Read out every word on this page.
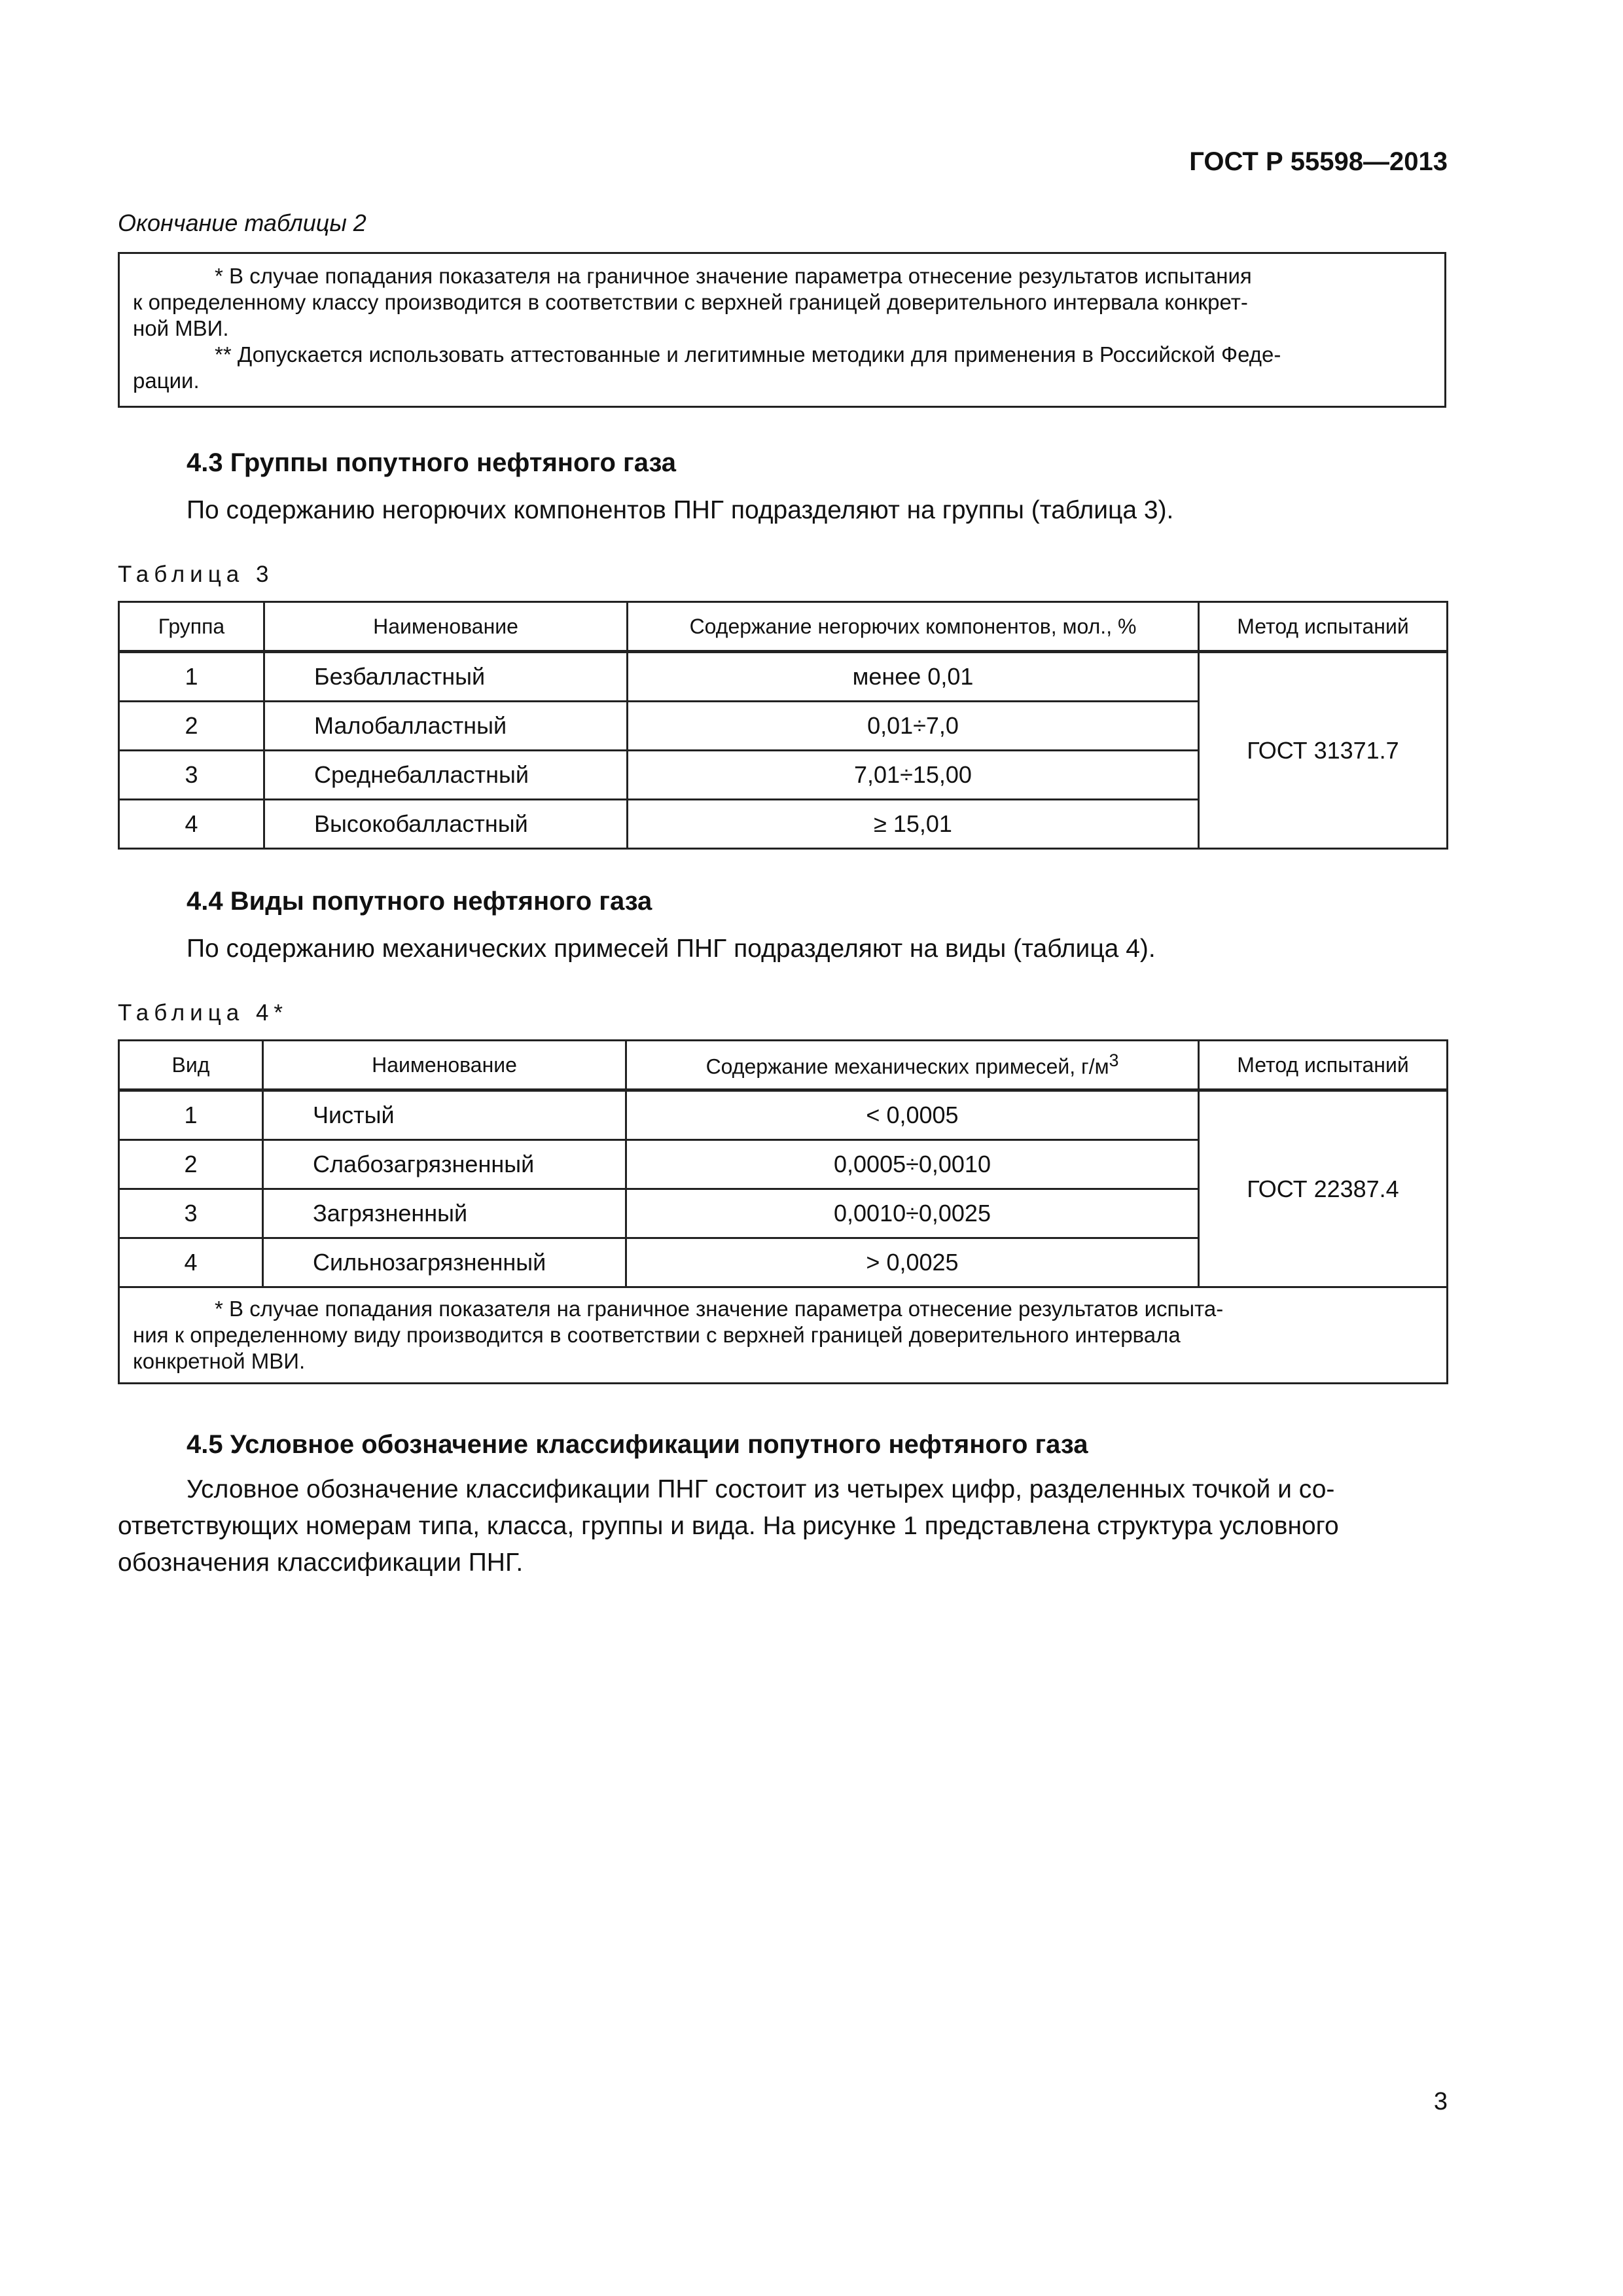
ГОСТ Р 55598—2013
Окончание таблицы 2

* В случае попадания показателя на граничное значение параметра отнесение результатов испытания

к определенному классу производится в соответствии с верхней границей доверительного интервала конкрет-

ной МВИ.

** Допускается использовать аттестованные и легитимные методики для применения в Российской Феде-

рации.

4.3 Группы попутного нефтяного газа
По содержанию негорючих компонентов ПНГ подразделяют на группы (таблица 3).
Таблица 3
Группа	Наименование	Содержание негорючих компонентов, мол., %	Метод испытаний
1	Безбалластный	менее 0,01	ГОСТ 31371.7
2	Малобалластный	0,01÷7,0	
3	Среднебалластный	7,01÷15,00	
4	Высокобалластный	≥ 15,01	
4.4 Виды попутного нефтяного газа
По содержанию механических примесей ПНГ подразделяют на виды (таблица 4).
Таблица 4*
Вид	Наименование	Содержание механических примесей, $г/м^3$	Метод испытаний
1	Чистый	< 0,0005	ГОСТ 22387.4
2	Слабозагрязненный	0,0005÷0,0010	
3	Загрязненный	0,0010÷0,0025	
4	Сильнозагрязненный	> 0,0025	

* В случае попадания показателя на граничное значение параметра отнесение результатов испыта-
ния к определенному виду производится в соответствии с верхней границей доверительного интервала
конкретной МВИ.			
4.5 Условное обозначение классификации попутного нефтяного газа
Условное обозначение классификации ПНГ состоит из четырех цифр, разделенных точкой и со-
ответствующих номерам типа, класса, группы и вида. На рисунке 1 представлена структура условного
обозначения классификации ПНГ.
3
